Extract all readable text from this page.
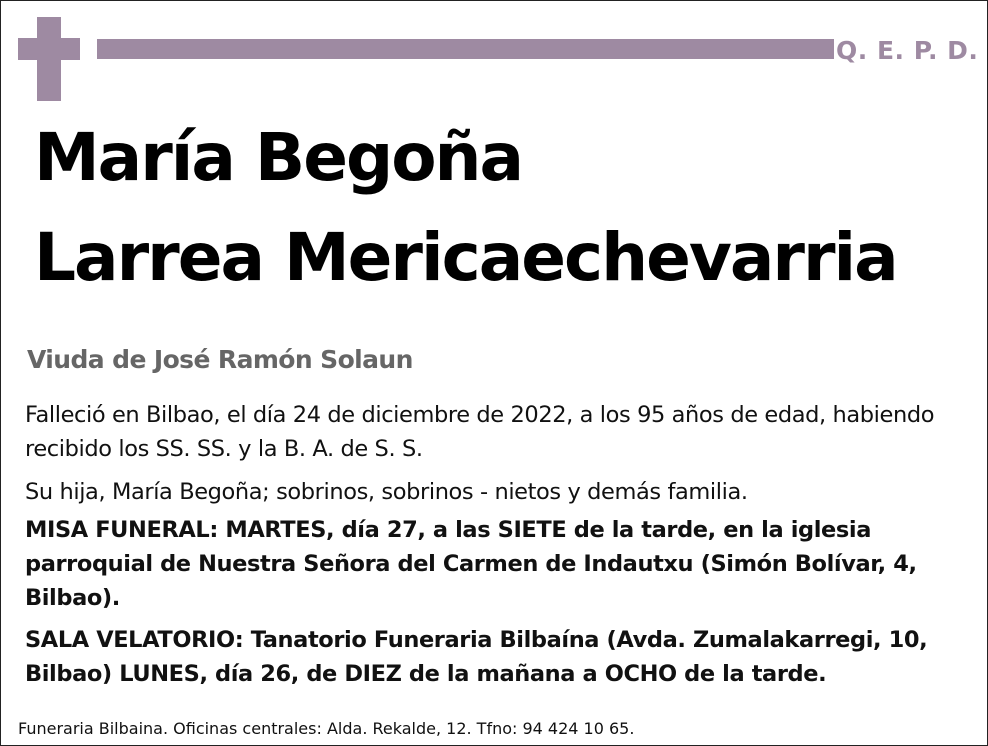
Q. E. P. D.
María Begoña
Larrea Mericaechevarria
Viuda de José Ramón Solaun
Falleció en Bilbao, el día 24 de diciembre de 2022, a los 95 años de edad, habiendo recibido los SS. SS. y la B. A. de S. S.
Su hija, María Begoña; sobrinos, sobrinos - nietos y demás familia.
MISA FUNERAL: MARTES, día 27, a las SIETE de la tarde, en la iglesia parroquial de Nuestra Señora del Carmen de Indautxu (Simón Bolívar, 4, Bilbao).
SALA VELATORIO: Tanatorio Funeraria Bilbaína (Avda. Zumalakarregi, 10, Bilbao) LUNES, día 26, de DIEZ de la mañana a OCHO de la tarde.
Funeraria Bilbaina. Oficinas centrales: Alda. Rekalde, 12. Tfno: 94 424 10 65.
